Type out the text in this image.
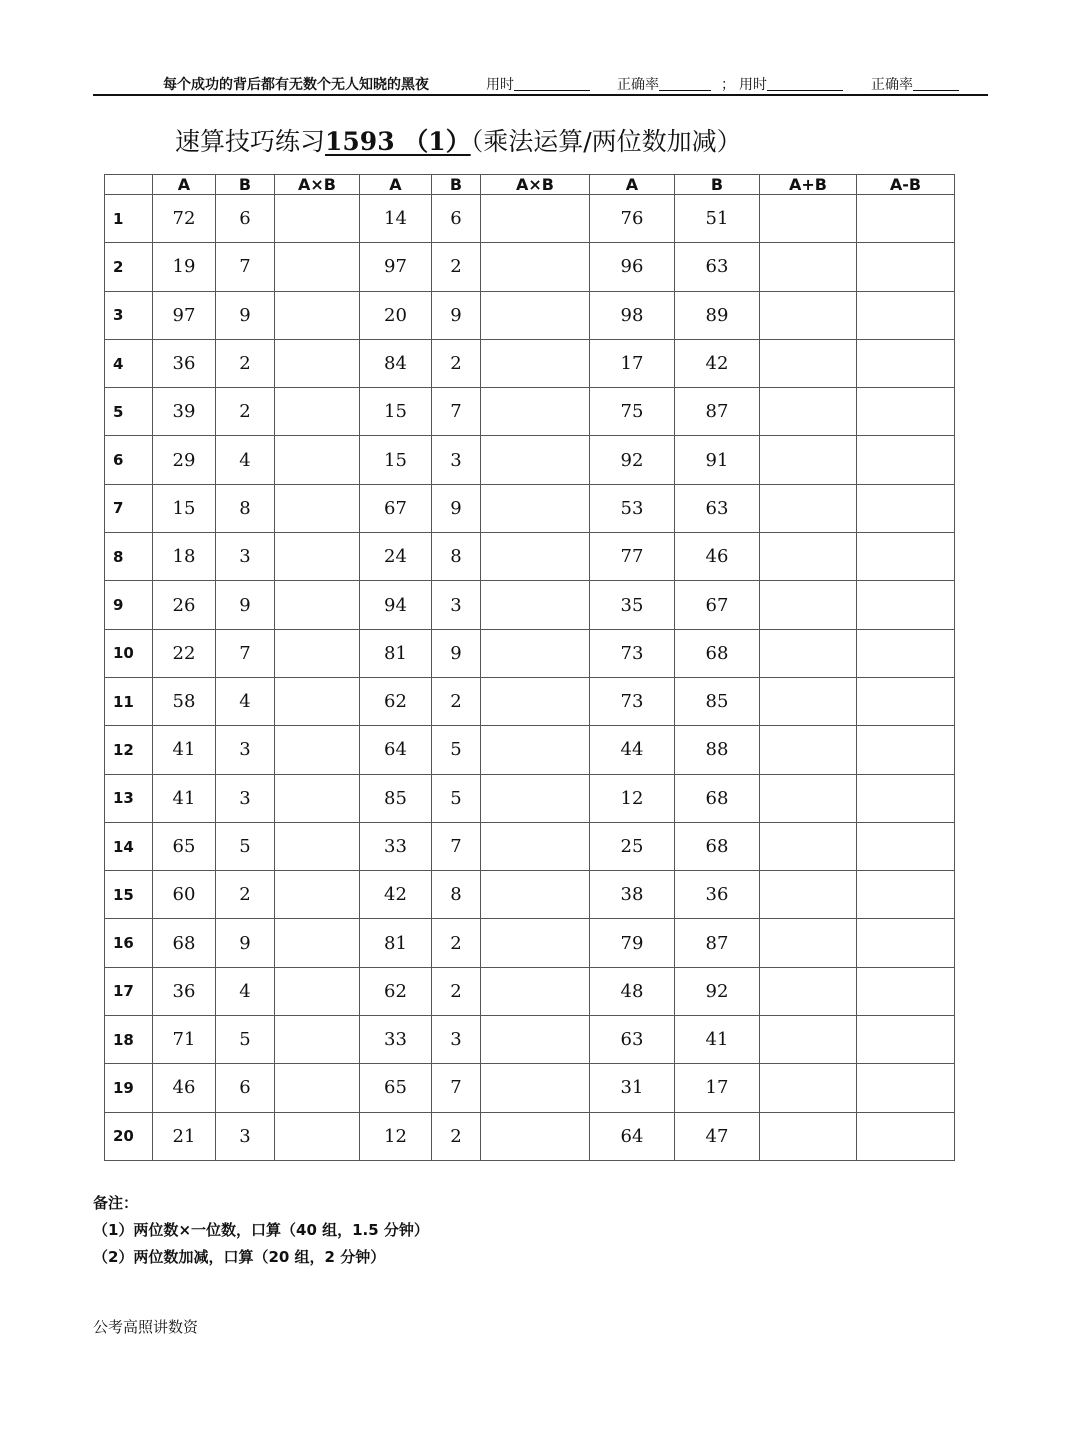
每个成功的背后都有无数个无人知晓的黑夜	用时	正确率	； 用时	正确率
速算技巧练习1593 （1）（乘法运算/两位数加减）
	A	B	A×B	A	B	A×B	A	B	A+B	A-B
1	72	6		14	6		76	51		
2	19	7		97	2		96	63		
3	97	9		20	9		98	89		
4	36	2		84	2		17	42		
5	39	2		15	7		75	87		
6	29	4		15	3		92	91		
7	15	8		67	9		53	63		
8	18	3		24	8		77	46		
9	26	9		94	3		35	67		
10	22	7		81	9		73	68		
11	58	4		62	2		73	85		
12	41	3		64	5		44	88		
13	41	3		85	5		12	68		
14	65	5		33	7		25	68		
15	60	2		42	8		38	36		
16	68	9		81	2		79	87		
17	36	4		62	2		48	92		
18	71	5		33	3		63	41		
19	46	6		65	7		31	17		
20	21	3		12	2		64	47		
备注：
（1）两位数×一位数，口算（40 组，1.5 分钟）
（2）两位数加减，口算（20 组，2 分钟）
公考高照讲数资
